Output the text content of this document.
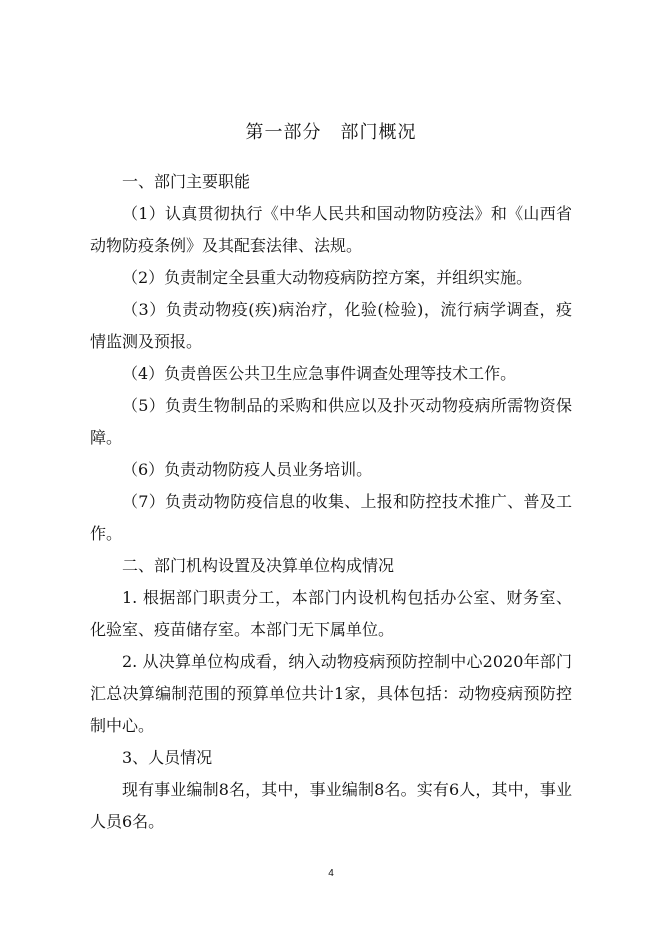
第一部分　部门概况

一、部门主要职能

（1）认真贯彻执行《中华人民共和国动物防疫法》和《山西省动物防疫条例》及其配套法律、法规。

（2）负责制定全县重大动物疫病防控方案，并组织实施。

（3）负责动物疫(疾)病治疗，化验(检验)，流行病学调查，疫情监测及预报。

（4）负责兽医公共卫生应急事件调查处理等技术工作。

（5）负责生物制品的采购和供应以及扑灭动物疫病所需物资保障。

（6）负责动物防疫人员业务培训。

（7）负责动物防疫信息的收集、上报和防控技术推广、普及工作。

二、部门机构设置及决算单位构成情况

1. 根据部门职责分工，本部门内设机构包括办公室、财务室、化验室、疫苗储存室。本部门无下属单位。

2. 从决算单位构成看，纳入动物疫病预防控制中心2020年部门汇总决算编制范围的预算单位共计1家，具体包括：动物疫病预防控制中心。

3、人员情况

现有事业编制8名，其中，事业编制8名。实有6人，其中，事业人员6名。

4
